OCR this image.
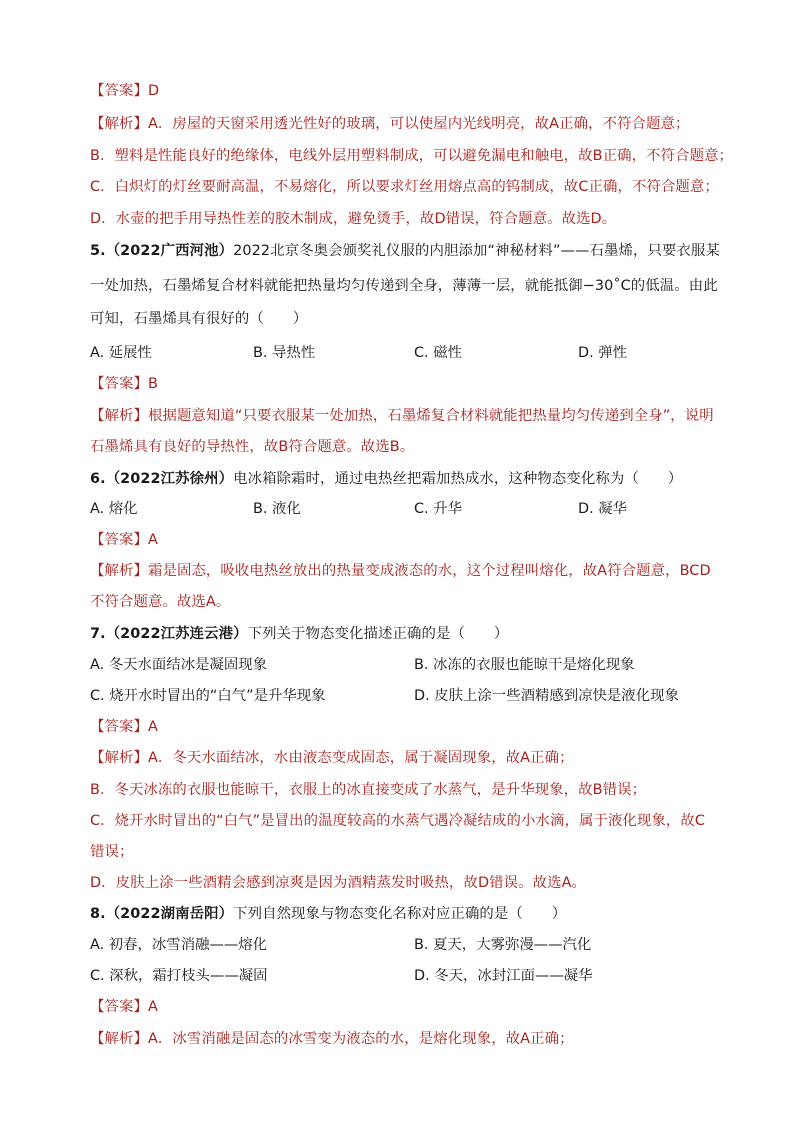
【答案】D
【解析】A．房屋的天窗采用透光性好的玻璃，可以使屋内光线明亮，故A正确，不符合题意；
B．塑料是性能良好的绝缘体，电线外层用塑料制成，可以避免漏电和触电，故B正确，不符合题意；
C．白炽灯的灯丝要耐高温，不易熔化，所以要求灯丝用熔点高的钨制成，故C正确，不符合题意；
D．水壶的把手用导热性差的胶木制成，避免烫手，故D错误，符合题意。故选D。
5.（2022广西河池）2022北京冬奥会颁奖礼仪服的内胆添加“神秘材料”——石墨烯，只要衣服某
一处加热，石墨烯复合材料就能把热量均匀传递到全身，薄薄一层，就能抵御−30˚C的低温。由此
可知，石墨烯具有很好的（　　）
A. 延展性	B. 导热性	C. 磁性	D. 弹性
【答案】B
【解析】根据题意知道“只要衣服某一处加热，石墨烯复合材料就能把热量均匀传递到全身”，说明
石墨烯具有良好的导热性，故B符合题意。故选B。
6.（2022江苏徐州）电冰箱除霜时，通过电热丝把霜加热成水，这种物态变化称为（　　）
A. 熔化	B. 液化	C. 升华	D. 凝华
【答案】A
【解析】霜是固态，吸收电热丝放出的热量变成液态的水，这个过程叫熔化，故A符合题意，BCD
不符合题意。故选A。
7.（2022江苏连云港）下列关于物态变化描述正确的是（　　）
A. 冬天水面结冰是凝固现象	B. 冰冻的衣服也能晾干是熔化现象
C. 烧开水时冒出的“白气”是升华现象	D. 皮肤上涂一些酒精感到凉快是液化现象
【答案】A
【解析】A．冬天水面结冰，水由液态变成固态，属于凝固现象，故A正确；
B．冬天冰冻的衣服也能晾干，衣服上的冰直接变成了水蒸气，是升华现象，故B错误；
C．烧开水时冒出的“白气”是冒出的温度较高的水蒸气遇冷凝结成的小水滴，属于液化现象，故C
错误；
D．皮肤上涂一些酒精会感到凉爽是因为酒精蒸发时吸热，故D错误。故选A。
8.（2022湖南岳阳）下列自然现象与物态变化名称对应正确的是（　　）
A. 初春，冰雪消融——熔化	B. 夏天，大雾弥漫——汽化
C. 深秋，霜打枝头——凝固	D. 冬天，冰封江面——凝华
【答案】A
【解析】A．冰雪消融是固态的冰雪变为液态的水，是熔化现象，故A正确；
